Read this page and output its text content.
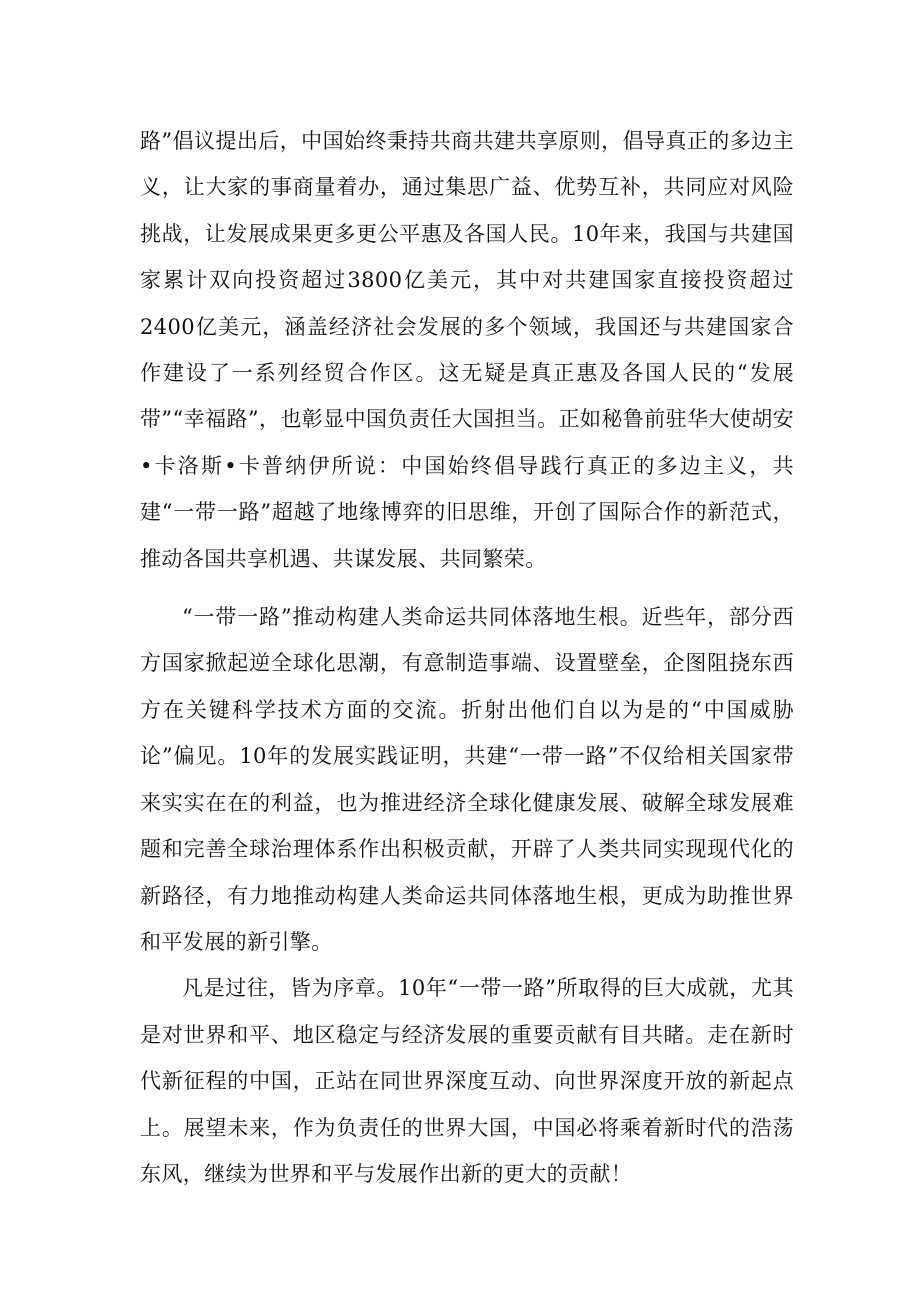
路”倡议提出后，中国始终秉持共商共建共享原则，倡导真正的多边主义，让大家的事商量着办，通过集思广益、优势互补，共同应对风险挑战，让发展成果更多更公平惠及各国人民。10年来，我国与共建国家累计双向投资超过3800亿美元，其中对共建国家直接投资超过2400亿美元，涵盖经济社会发展的多个领域，我国还与共建国家合作建设了一系列经贸合作区。这无疑是真正惠及各国人民的“发展带”“幸福路”，也彰显中国负责任大国担当。正如秘鲁前驻华大使胡安•卡洛斯•卡普纳伊所说：中国始终倡导践行真正的多边主义，共建“一带一路”超越了地缘博弈的旧思维，开创了国际合作的新范式，推动各国共享机遇、共谋发展、共同繁荣。

“一带一路”推动构建人类命运共同体落地生根。近些年，部分西方国家掀起逆全球化思潮，有意制造事端、设置壁垒，企图阻挠东西方在关键科学技术方面的交流。折射出他们自以为是的“中国威胁论”偏见。10年的发展实践证明，共建“一带一路”不仅给相关国家带来实实在在的利益，也为推进经济全球化健康发展、破解全球发展难题和完善全球治理体系作出积极贡献，开辟了人类共同实现现代化的新路径，有力地推动构建人类命运共同体落地生根，更成为助推世界和平发展的新引擎。

凡是过往，皆为序章。10年“一带一路”所取得的巨大成就，尤其是对世界和平、地区稳定与经济发展的重要贡献有目共睹。走在新时代新征程的中国，正站在同世界深度互动、向世界深度开放的新起点上。展望未来，作为负责任的世界大国，中国必将乘着新时代的浩荡东风，继续为世界和平与发展作出新的更大的贡献！
